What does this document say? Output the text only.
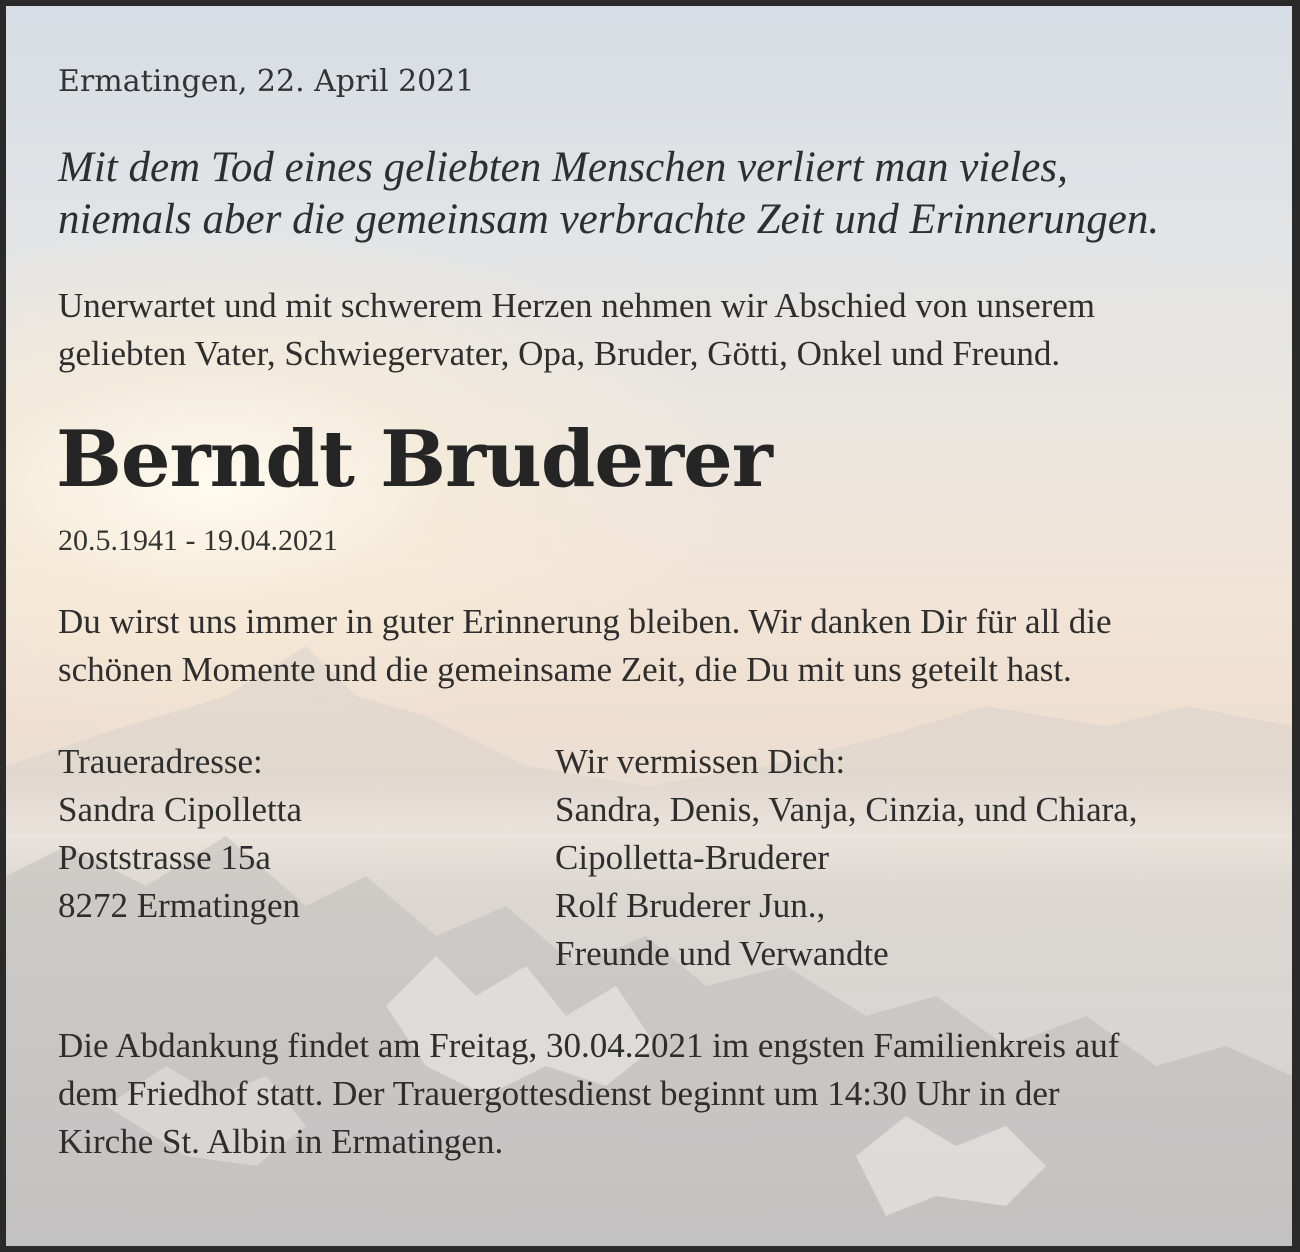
Ermatingen, 22. April 2021
Mit dem Tod eines geliebten Menschen verliert man vieles,
niemals aber die gemeinsam verbrachte Zeit und Erinnerungen.
Unerwartet und mit schwerem Herzen nehmen wir Abschied von unserem
geliebten Vater, Schwiegervater, Opa, Bruder, Götti, Onkel und Freund.
Berndt Bruderer
20.5.1941 - 19.04.2021
Du wirst uns immer in guter Erinnerung bleiben. Wir danken Dir für all die
schönen Momente und die gemeinsame Zeit, die Du mit uns geteilt hast.
Traueradresse:
Sandra Cipolletta
Poststrasse 15a
8272 Ermatingen
Wir vermissen Dich:
Sandra, Denis, Vanja, Cinzia, und Chiara,
Cipolletta-Bruderer
Rolf Bruderer Jun.,
Freunde und Verwandte
Die Abdankung findet am Freitag, 30.04.2021 im engsten Familienkreis auf
dem Friedhof statt. Der Trauergottesdienst beginnt um 14:30 Uhr in der
Kirche St. Albin in Ermatingen.
